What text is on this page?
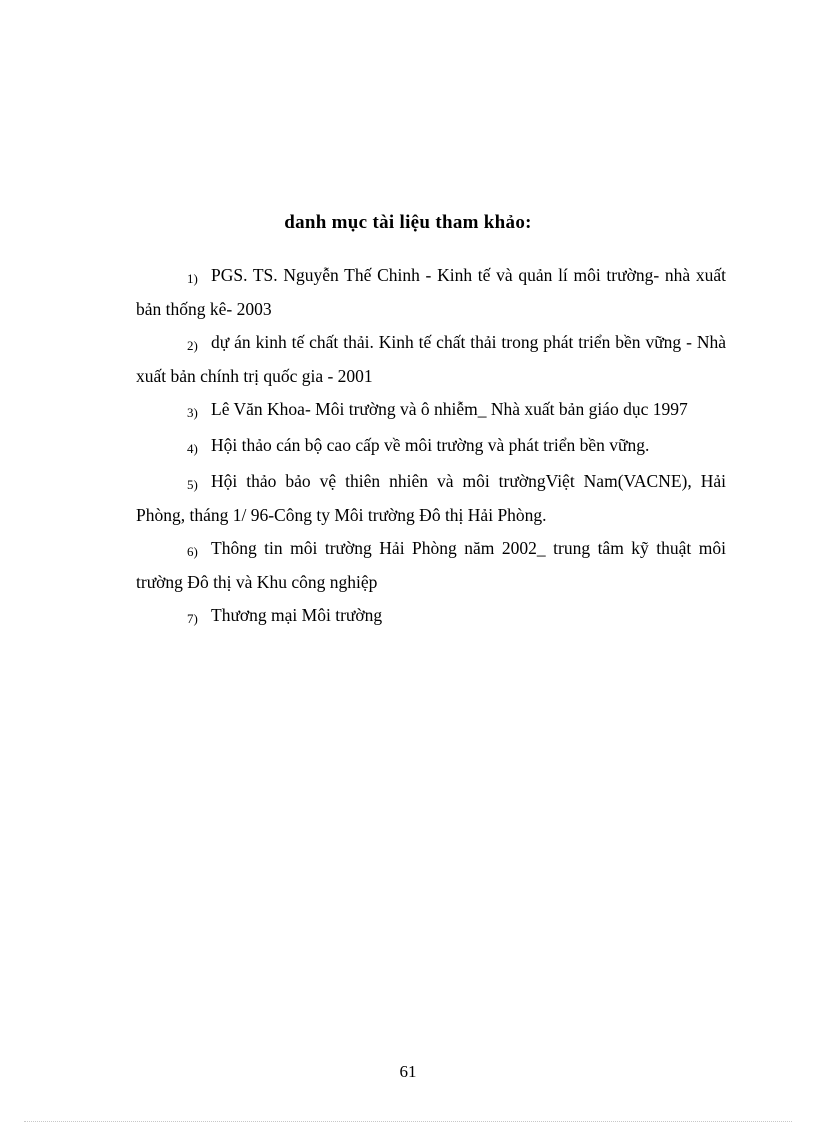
danh mục tài liệu tham khảo:
1) PGS. TS. Nguyễn Thế Chinh - Kinh tế và quản lí môi trường- nhà xuất bản thống kê- 2003
2) dự án kinh tế chất thải. Kinh tế chất thải trong phát triển bền vững - Nhà xuất bản chính trị quốc gia - 2001
3) Lê Văn Khoa- Môi trường và ô nhiễm_ Nhà xuất bản giáo dục 1997
4) Hội thảo cán bộ cao cấp về môi trường và phát triển bền vững.
5) Hội thảo bảo vệ thiên nhiên và môi trườngViệt Nam(VACNE), Hải Phòng, tháng 1/ 96-Công ty Môi trường Đô thị Hải Phòng.
6) Thông tin môi trường Hải Phòng năm 2002_ trung tâm kỹ thuật môi trường Đô thị và Khu công nghiệp
7) Thương mại Môi trường
61
